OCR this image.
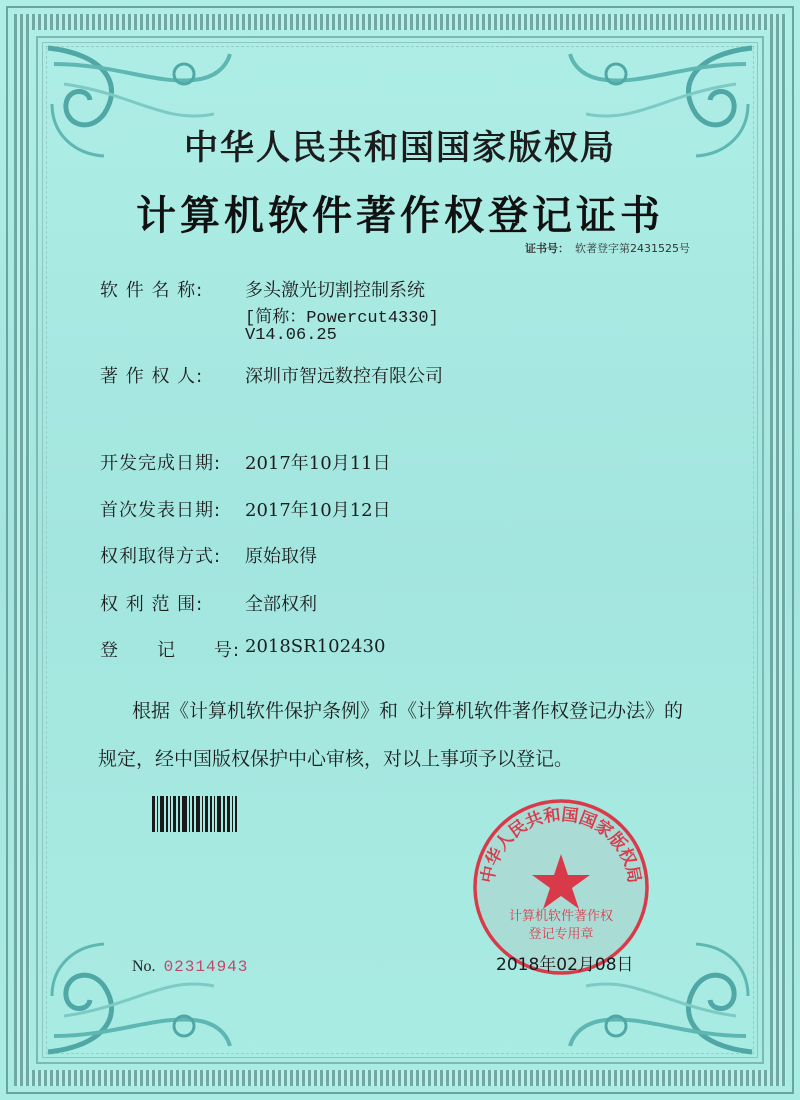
中华人民共和国国家版权局
计算机软件著作权登记证书
证书号： 软著登字第2431525号
软 件 名 称:	多头激光切割控制系统
[简称：Powercut4330]
V14.06.25
著 作 权 人:	深圳市智远数控有限公司
开发完成日期:	2017年10月11日
首次发表日期:	2017年10月12日
权利取得方式:	原始取得
权 利 范 围:	全部权利
登　　记　　号: 2018SR102430
根据《计算机软件保护条例》和《计算机软件著作权登记办法》的
规定，经中国版权保护中心审核，对以上事项予以登记。
No. 02314943
中华人民共和国国家版权局
计算机软件著作权
登记专用章
2018年02月08日
